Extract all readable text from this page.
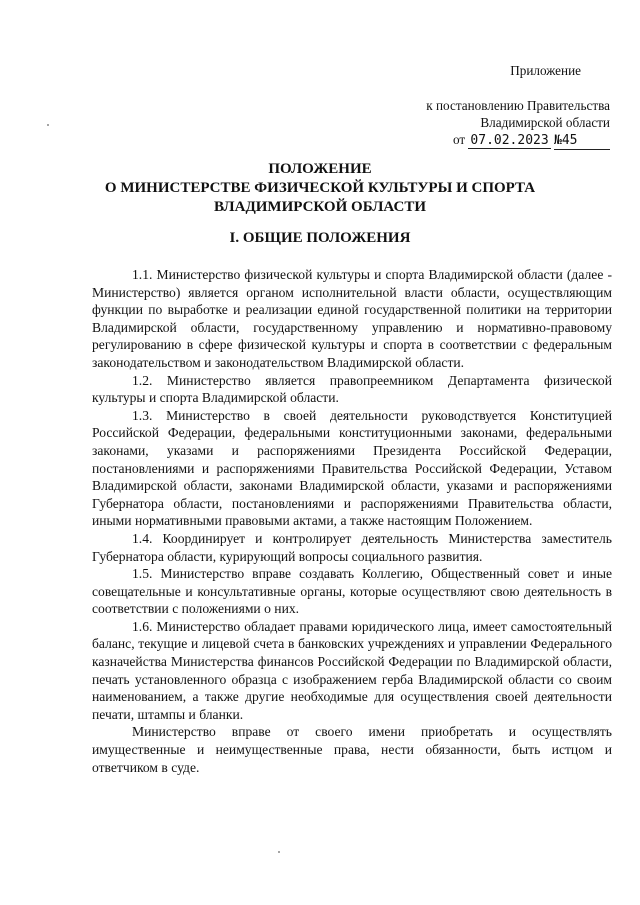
Приложение
к постановлению Правительства
Владимирской области
от 07.02.2023 №45
ПОЛОЖЕНИЕ
О МИНИСТЕРСТВЕ ФИЗИЧЕСКОЙ КУЛЬТУРЫ И СПОРТА
ВЛАДИМИРСКОЙ ОБЛАСТИ
I. ОБЩИЕ ПОЛОЖЕНИЯ

1.1. Министерство физической культуры и спорта Владимирской области (далее - Министерство) является органом исполнительной власти области, осуществляющим функции по выработке и реализации единой государственной политики на территории Владимирской области, государственному управлению и нормативно-правовому регулированию в сфере физической культуры и спорта в соответствии с федеральным законодательством и законодательством Владимирской области.

1.2. Министерство является правопреемником Департамента физической культуры и спорта Владимирской области.

1.3. Министерство в своей деятельности руководствуется Конституцией Российской Федерации, федеральными конституционными законами, федеральными законами, указами и распоряжениями Президента Российской Федерации, постановлениями и распоряжениями Правительства Российской Федерации, Уставом Владимирской области, законами Владимирской области, указами и распоряжениями Губернатора области, постановлениями и распоряжениями Правительства области, иными нормативными правовыми актами, а также настоящим Положением.

1.4. Координирует и контролирует деятельность Министерства заместитель Губернатора области, курирующий вопросы социального развития.

1.5. Министерство вправе создавать Коллегию, Общественный совет и иные совещательные и консультативные органы, которые осуществляют свою деятельность в соответствии с положениями о них.

1.6. Министерство обладает правами юридического лица, имеет самостоятельный баланс, текущие и лицевой счета в банковских учреждениях и управлении Федерального казначейства Министерства финансов Российской Федерации по Владимирской области, печать установленного образца с изображением герба Владимирской области со своим наименованием, а также другие необходимые для осуществления своей деятельности печати, штампы и бланки.

Министерство вправе от своего имени приобретать и осуществлять имущественные и неимущественные права, нести обязанности, быть истцом и ответчиком в суде.
